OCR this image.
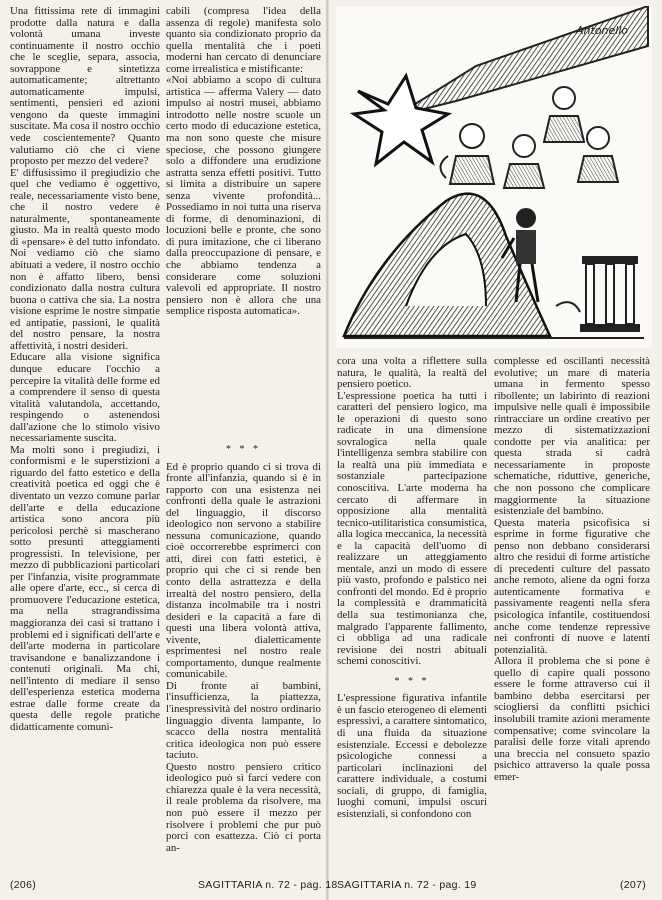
Una fittissima rete di immagini prodotte dalla natura e dalla volontà umana investe continuamente il nostro occhio che le sceglie, separa, associa, sovrappone e sintetizza automaticamente; altrettanto automaticamente impulsi, sentimenti, pensieri ed azioni vengono da queste immagini suscitate. Ma cosa il nostro occhio vede coscientemente? Quanto valutiamo ciò che ci viene proposto per mezzo del vedere?

E' diffusissimo il pregiudizio che quel che vediamo è oggettivo, reale, necessariamente visto bene, che il nostro vedere è naturalmente, spontaneamente giusto. Ma in realtà questo modo di «pensare» è del tutto infondato. Noi vediamo ciò che siamo abituati a vedere, il nostro occhio non è affatto libero, bensì condizionato dalla nostra cultura buona o cattiva che sia. La nostra visione esprime le nostre simpatie ed antipatie, passioni, le qualità del nostro pensare, la nostra affettività, i nostri desideri.

Educare alla visione significa dunque educare l'occhio a percepire la vitalità delle forme ed a comprendere il senso di questa vitalità valutandola, accettando, respingendo o astenendosi dall'azione che lo stimolo visivo necessariamente suscita.

Ma molti sono i pregiudizi, i conformismi e le superstizioni a riguardo del fatto estetico e della creatività poetica ed oggi che è diventato un vezzo comune parlar dell'arte e della educazione artistica sono ancora più pericolosi perchè si mascherano sotto presunti atteggiamenti progressisti. In televisione, per mezzo di pubblicazioni particolari per l'infanzia, visite programmate alle opere d'arte, ecc., si cerca di promuovere l'educazione estetica, ma nella stragrandissima maggioranza dei casi si trattano i problemi ed i significati dell'arte e dell'arte moderna in particolare travisandone e banalizzandone i contenuti originali. Ma chi, nell'intento di mediare il senso dell'esperienza estetica moderna estrae dalle forme create da questa delle regole pratiche didatticamente comuni-

cabili (compresa l'idea della assenza di regole) manifesta solo quanto sia condizionato proprio da quella mentalità che i poeti moderni han cercato di denunciare come irrealistica e mistificante:

«Noi abbiamo a scopo di cultura artistica — afferma Valery — dato impulso ai nostri musei, abbiamo introdotto nelle nostre scuole un certo modo di educazione estetica, ma non sono queste che misure speciose, che possono giungere solo a diffondere una erudizione astratta senza effetti positivi. Tutto si limita a distribuire un sapere senza vivente profondità... Possediamo in noi tutta una riserva di forme, di denominazioni, di locuzioni belle e pronte, che sono di pura imitazione, che ci liberano dalla preoccupazione di pensare, e che abbiamo tendenza a considerare come soluzioni valevoli ed appropriate. Il nostro pensiero non è allora che una semplice risposta automatica».

* * *

Ed è proprio quando ci si trova di fronte all'infanzia, quando si è in rapporto con una esistenza nei confronti della quale le astrazioni del linguaggio, il discorso ideologico non servono a stabilire nessuna comunicazione, quando cioè occorrerebbe esprimerci con atti, direi con fatti estetici, è proprio qui che ci si rende ben conto della astrattezza e della irrealtà del nostro pensiero, della distanza incolmabile tra i nostri desideri e la capacità a fare di questi una libera volontà attiva, vivente, dialetticamente esprimentesi nel nostro reale comportamento, dunque realmente comunicabile.

Di fronte ai bambini, l'insufficienza, la piattezza, l'inespressività del nostro ordinario linguaggio diventa lampante, lo scacco della nostra mentalità critica ideologica non può essere taciuto.

Questo nostro pensiero critico ideologico può sì farci vedere con chiarezza quale è la vera necessità, il reale problema da risolvere, ma non può essere il mezzo per risolvere i problemi che pur può porci con esattezza. Ciò ci porta an-

Antonello

cora una volta a riflettere sulla natura, le qualità, la realtà del pensiero poetico.

L'espressione poetica ha tutti i caratteri del pensiero logico, ma le operazioni di questo sono radicate in una dimensione sovralogica nella quale l'intelligenza sembra stabilire con la realtà una più immediata e sostanziale partecipazione conoscitiva. L'arte moderna ha cercato di affermare in opposizione alla mentalità tecnico-utilitaristica consumistica, alla logica meccanica, la necessità e la capacità dell'uomo di realizzare un atteggiamento mentale, anzi un modo di essere più vasto, profondo e palstico nei confronti del mondo. Ed è proprio la complessità e drammaticità della sua testimonianza che, malgrado l'apparente fallimento, ci obbliga ad una radicale revisione dei nostri abituali schemi conoscitivi.

* * *

L'espressione figurativa infantile è un fascio eterogeneo di elementi espressivi, a carattere sintomatico, di una fluida da situazione esistenziale. Eccessi e debolezze psicologiche connessi a particolari inclinazioni del carattere individuale, a costumi sociali, di gruppo, di famiglia, luoghi comuni, impulsi oscuri esistenziali, si confondono con

complesse ed oscillanti necessità evolutive; un mare di materia umana in fermento spesso ribollente; un labirinto di reazioni impulsive nelle quali è impossibile rintracciare un ordine creativo per mezzo di sistematizzazioni condotte per via analitica: per questa strada si cadrà necessariamente in proposte schematiche, riduttive, generiche, che non possono che complicare maggiormente la situazione esistenziale del bambino.

Questa materia psicofisica si esprime in forme figurative che penso non debbano considerarsi altro che residui di forme artistiche di precedenti culture del passato anche remoto, aliene da ogni forza autenticamente formativa e passivamente reagenti nella sfera psicologica infantile, costituendosi anche come tendenze repressive nei confronti di nuove e latenti potenzialità.

Allora il problema che si pone è quello di capire quali possono essere le forme attraverso cui il bambino debba esercitarsi per sciogliersi da conflitti psichici insolubili tramite azioni meramente compensative; come svincolare la paralisi delle forze vitali aprendo una breccia nel consueto spazio psichico attraverso la quale possa emer-

(206)	SAGITTARIA n. 72 - pag. 18 SAGITTARIA n. 72 - pag. 19	(207)
